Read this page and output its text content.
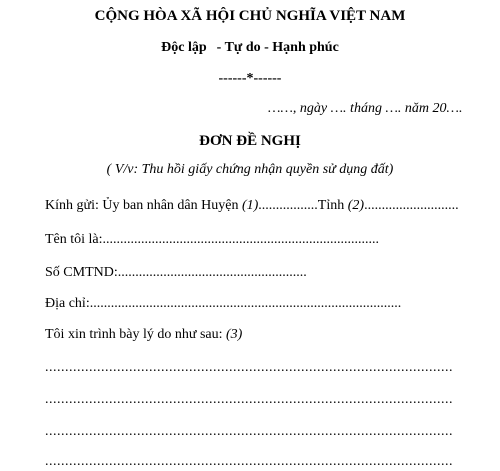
CỘNG HÒA XÃ HỘI CHỦ NGHĨA VIỆT NAM
Độc lập - Tự do - Hạnh phúc
------*------
……, ngày …. tháng …. năm 20….
ĐƠN ĐỀ NGHỊ
( V/v: Thu hồi giấy chứng nhận quyền sử dụng đất)
Kính gửi: Ủy ban nhân dân Huyện (1).................Tỉnh (2)...........................
Tên tôi là:...............................................................................
Số CMTND:......................................................
Địa chỉ:.........................................................................................
Tôi xin trình bày lý do như sau: (3)
......................................................................................................
......................................................................................................
......................................................................................................
......................................................................................................
